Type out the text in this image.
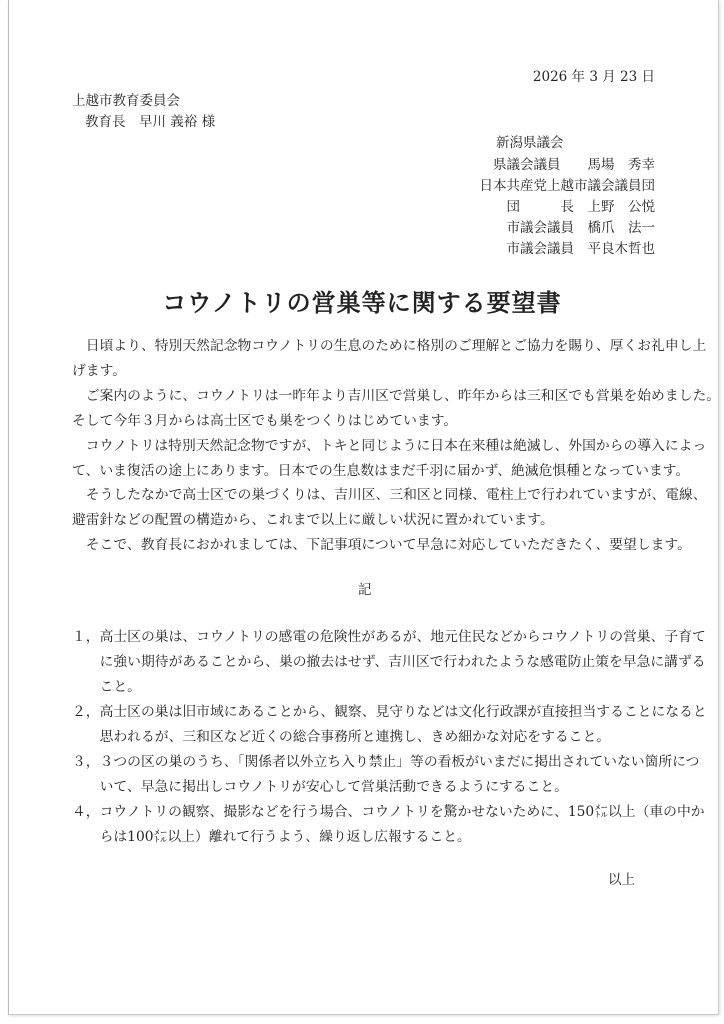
2026 年 3 月 23 日
上越市教育委員会
教育長　早川 義裕 様
新潟県議会
県議会議員　　馬場　秀幸
日本共産党上越市議会議員団
団　　　長　上野　公悦
市議会議員　橋爪　法一
市議会議員　平良木哲也
コウノトリの営巣等に関する要望書
　日頃より、特別天然記念物コウノトリの生息のために格別のご理解とご協力を賜り、厚くお礼申し上
げます。
　ご案内のように、コウノトリは一昨年より吉川区で営巣し、昨年からは三和区でも営巣を始めました。
そして今年３月からは高士区でも巣をつくりはじめています。
　コウノトリは特別天然記念物ですが、トキと同じように日本在来種は絶滅し、外国からの導入によっ
て、いま復活の途上にあります。日本での生息数はまだ千羽に届かず、絶滅危惧種となっています。
　そうしたなかで高士区での巣づくりは、吉川区、三和区と同様、電柱上で行われていますが、電線、
避雷針などの配置の構造から、これまで以上に厳しい状況に置かれています。
　そこで、教育長におかれましては、下記事項について早急に対応していただきたく、要望します。
記
１，高士区の巣は、コウノトリの感電の危険性があるが、地元住民などからコウノトリの営巣、子育て
　　に強い期待があることから、巣の撤去はせず、吉川区で行われたような感電防止策を早急に講ずる
　　こと。
２，高士区の巣は旧市域にあることから、観察、見守りなどは文化行政課が直接担当することになると
　　思われるが、三和区など近くの総合事務所と連携し、きめ細かな対応をすること。
３，３つの区の巣のうち、「関係者以外立ち入り禁止」等の看板がいまだに掲出されていない箇所につ
　　いて、早急に掲出しコウノトリが安心して営巣活動できるようにすること。
４，コウノトリの観察、撮影などを行う場合、コウノトリを驚かせないために、150㍍以上（車の中か
　　らは100㍍以上）離れて行うよう、繰り返し広報すること。
以上
